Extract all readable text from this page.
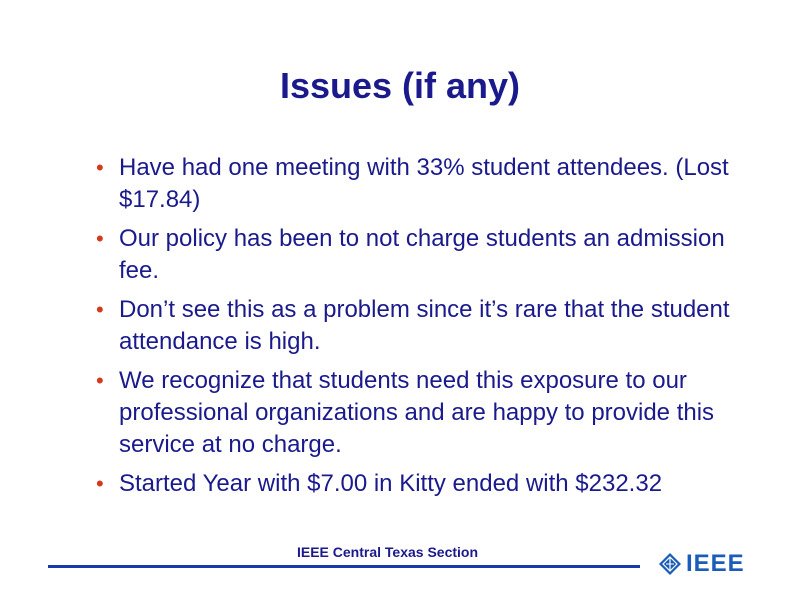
Issues (if any)
• Have had one meeting with 33% student attendees. (Lost $17.84)
• Our policy has been to not charge students an admission fee.
• Don’t see this as a problem since it’s rare that the student attendance is high.
• We recognize that students need this exposure to our professional organizations and are happy to provide this service at no charge.
• Started Year with $7.00 in Kitty ended with $232.32
IEEE Central Texas Section	IEEE
